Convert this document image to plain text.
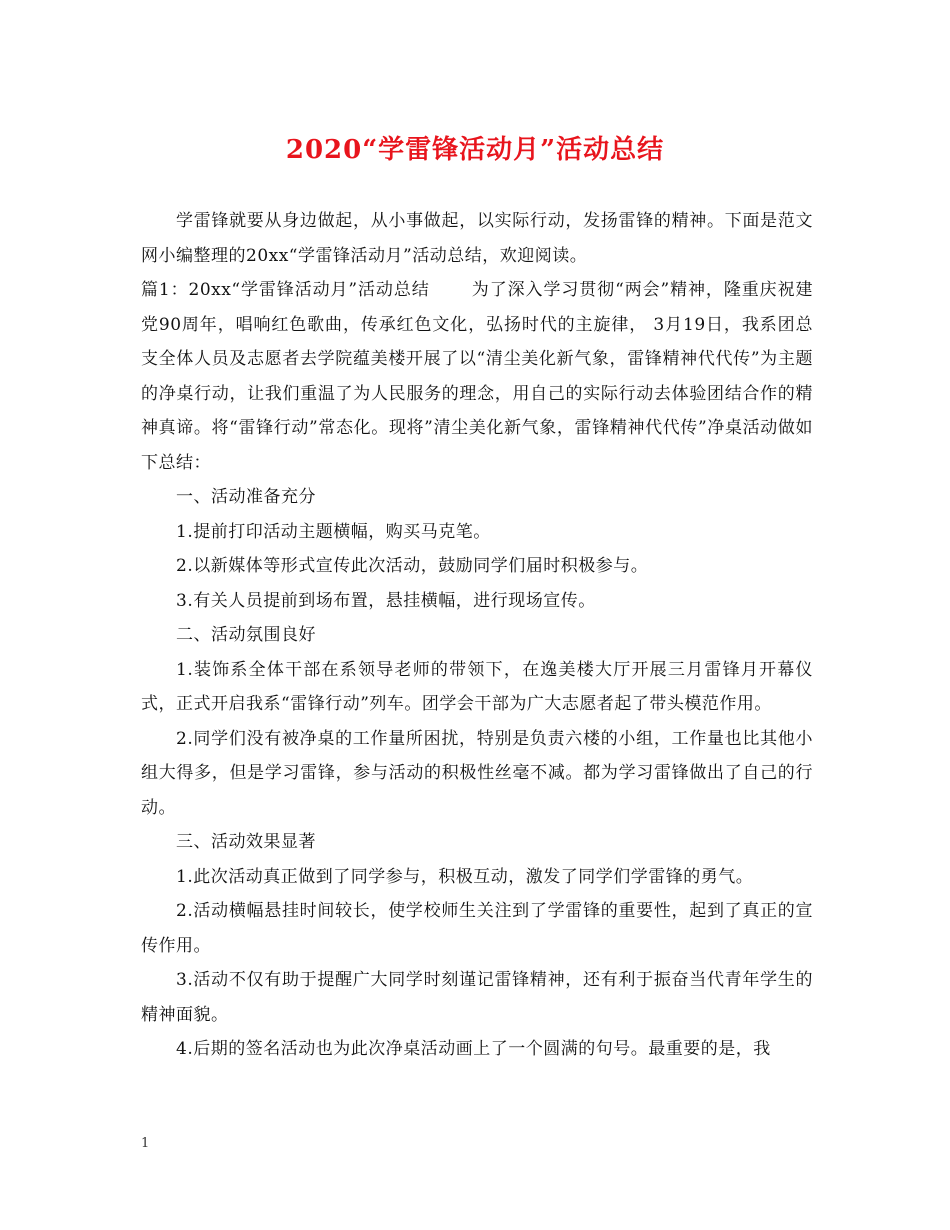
2020“学雷锋活动月”活动总结

学雷锋就要从身边做起，从小事做起，以实际行动，发扬雷锋的精神。下面是范文网小编整理的20xx“学雷锋活动月”活动总结，欢迎阅读。

篇1：20xx“学雷锋活动月”活动总结　　 为了深入学习贯彻“两会”精神，隆重庆祝建党90周年，唱响红色歌曲，传承红色文化，弘扬时代的主旋律， 3月19日，我系团总支全体人员及志愿者去学院蕴美楼开展了以“清尘美化新气象，雷锋精神代代传”为主题的净桌行动，让我们重温了为人民服务的理念，用自己的实际行动去体验团结合作的精神真谛。将“雷锋行动”常态化。现将”清尘美化新气象，雷锋精神代代传”净桌活动做如下总结：

一、活动准备充分

1.提前打印活动主题横幅，购买马克笔。

2.以新媒体等形式宣传此次活动，鼓励同学们届时积极参与。

3.有关人员提前到场布置，悬挂横幅，进行现场宣传。

二、活动氛围良好

1.装饰系全体干部在系领导老师的带领下，在逸美楼大厅开展三月雷锋月开幕仪式，正式开启我系“雷锋行动”列车。团学会干部为广大志愿者起了带头模范作用。

2.同学们没有被净桌的工作量所困扰，特别是负责六楼的小组，工作量也比其他小组大得多，但是学习雷锋，参与活动的积极性丝毫不减。都为学习雷锋做出了自己的行动。

三、活动效果显著

1.此次活动真正做到了同学参与，积极互动，激发了同学们学雷锋的勇气。

2.活动横幅悬挂时间较长，使学校师生关注到了学雷锋的重要性，起到了真正的宣传作用。

3.活动不仅有助于提醒广大同学时刻谨记雷锋精神，还有利于振奋当代青年学生的精神面貌。

4.后期的签名活动也为此次净桌活动画上了一个圆满的句号。最重要的是，我

1
